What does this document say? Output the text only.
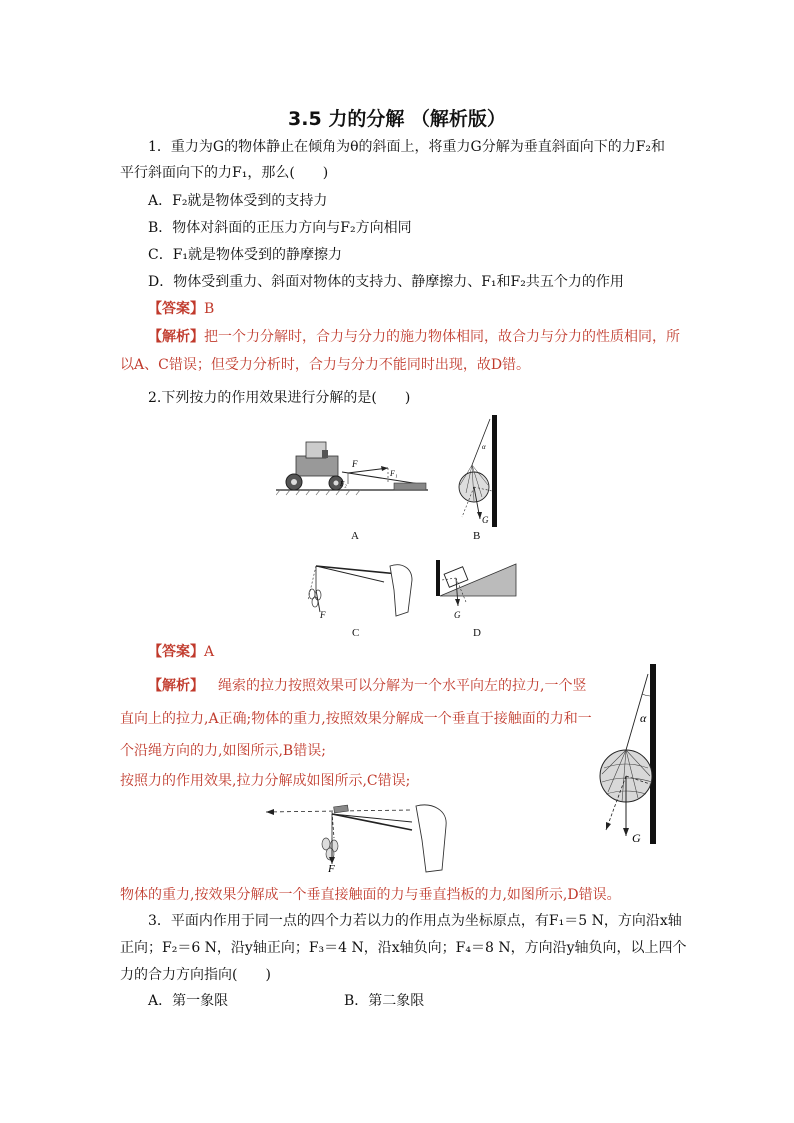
3.5 力的分解 （解析版）
1．重力为G的物体静止在倾角为θ的斜面上，将重力G分解为垂直斜面向下的力F₂和
平行斜面向下的力F₁，那么(　　)
A．F₂就是物体受到的支持力
B．物体对斜面的正压力方向与F₂方向相同
C．F₁就是物体受到的静摩擦力
D．物体受到重力、斜面对物体的支持力、静摩擦力、F₁和F₂共五个力的作用
【答案】B
【解析】把一个力分解时，合力与分力的施力物体相同，故合力与分力的性质相同，所
以A、C错误；但受力分析时，合力与分力不能同时出现，故D错。
2.下列按力的作用效果进行分解的是(　　)
F
F₁
F₂
A
G
α
B
F
C
G
D
【答案】A
【解析】 绳索的拉力按照效果可以分解为一个水平向左的拉力,一个竖
直向上的拉力,A正确;物体的重力,按照效果分解成一个垂直于接触面的力和一
个沿绳方向的力,如图所示,B错误;
按照力的作用效果,拉力分解成如图所示,C错误;
α
G
F
物体的重力,按效果分解成一个垂直接触面的力与垂直挡板的力,如图所示,D错误。
3．平面内作用于同一点的四个力若以力的作用点为坐标原点，有F₁＝5 N，方向沿x轴
正向；F₂＝6 N，沿y轴正向；F₃＝4 N，沿x轴负向；F₄＝8 N，方向沿y轴负向，以上四个
力的合力方向指向(　　)
A．第一象限	B．第二象限
